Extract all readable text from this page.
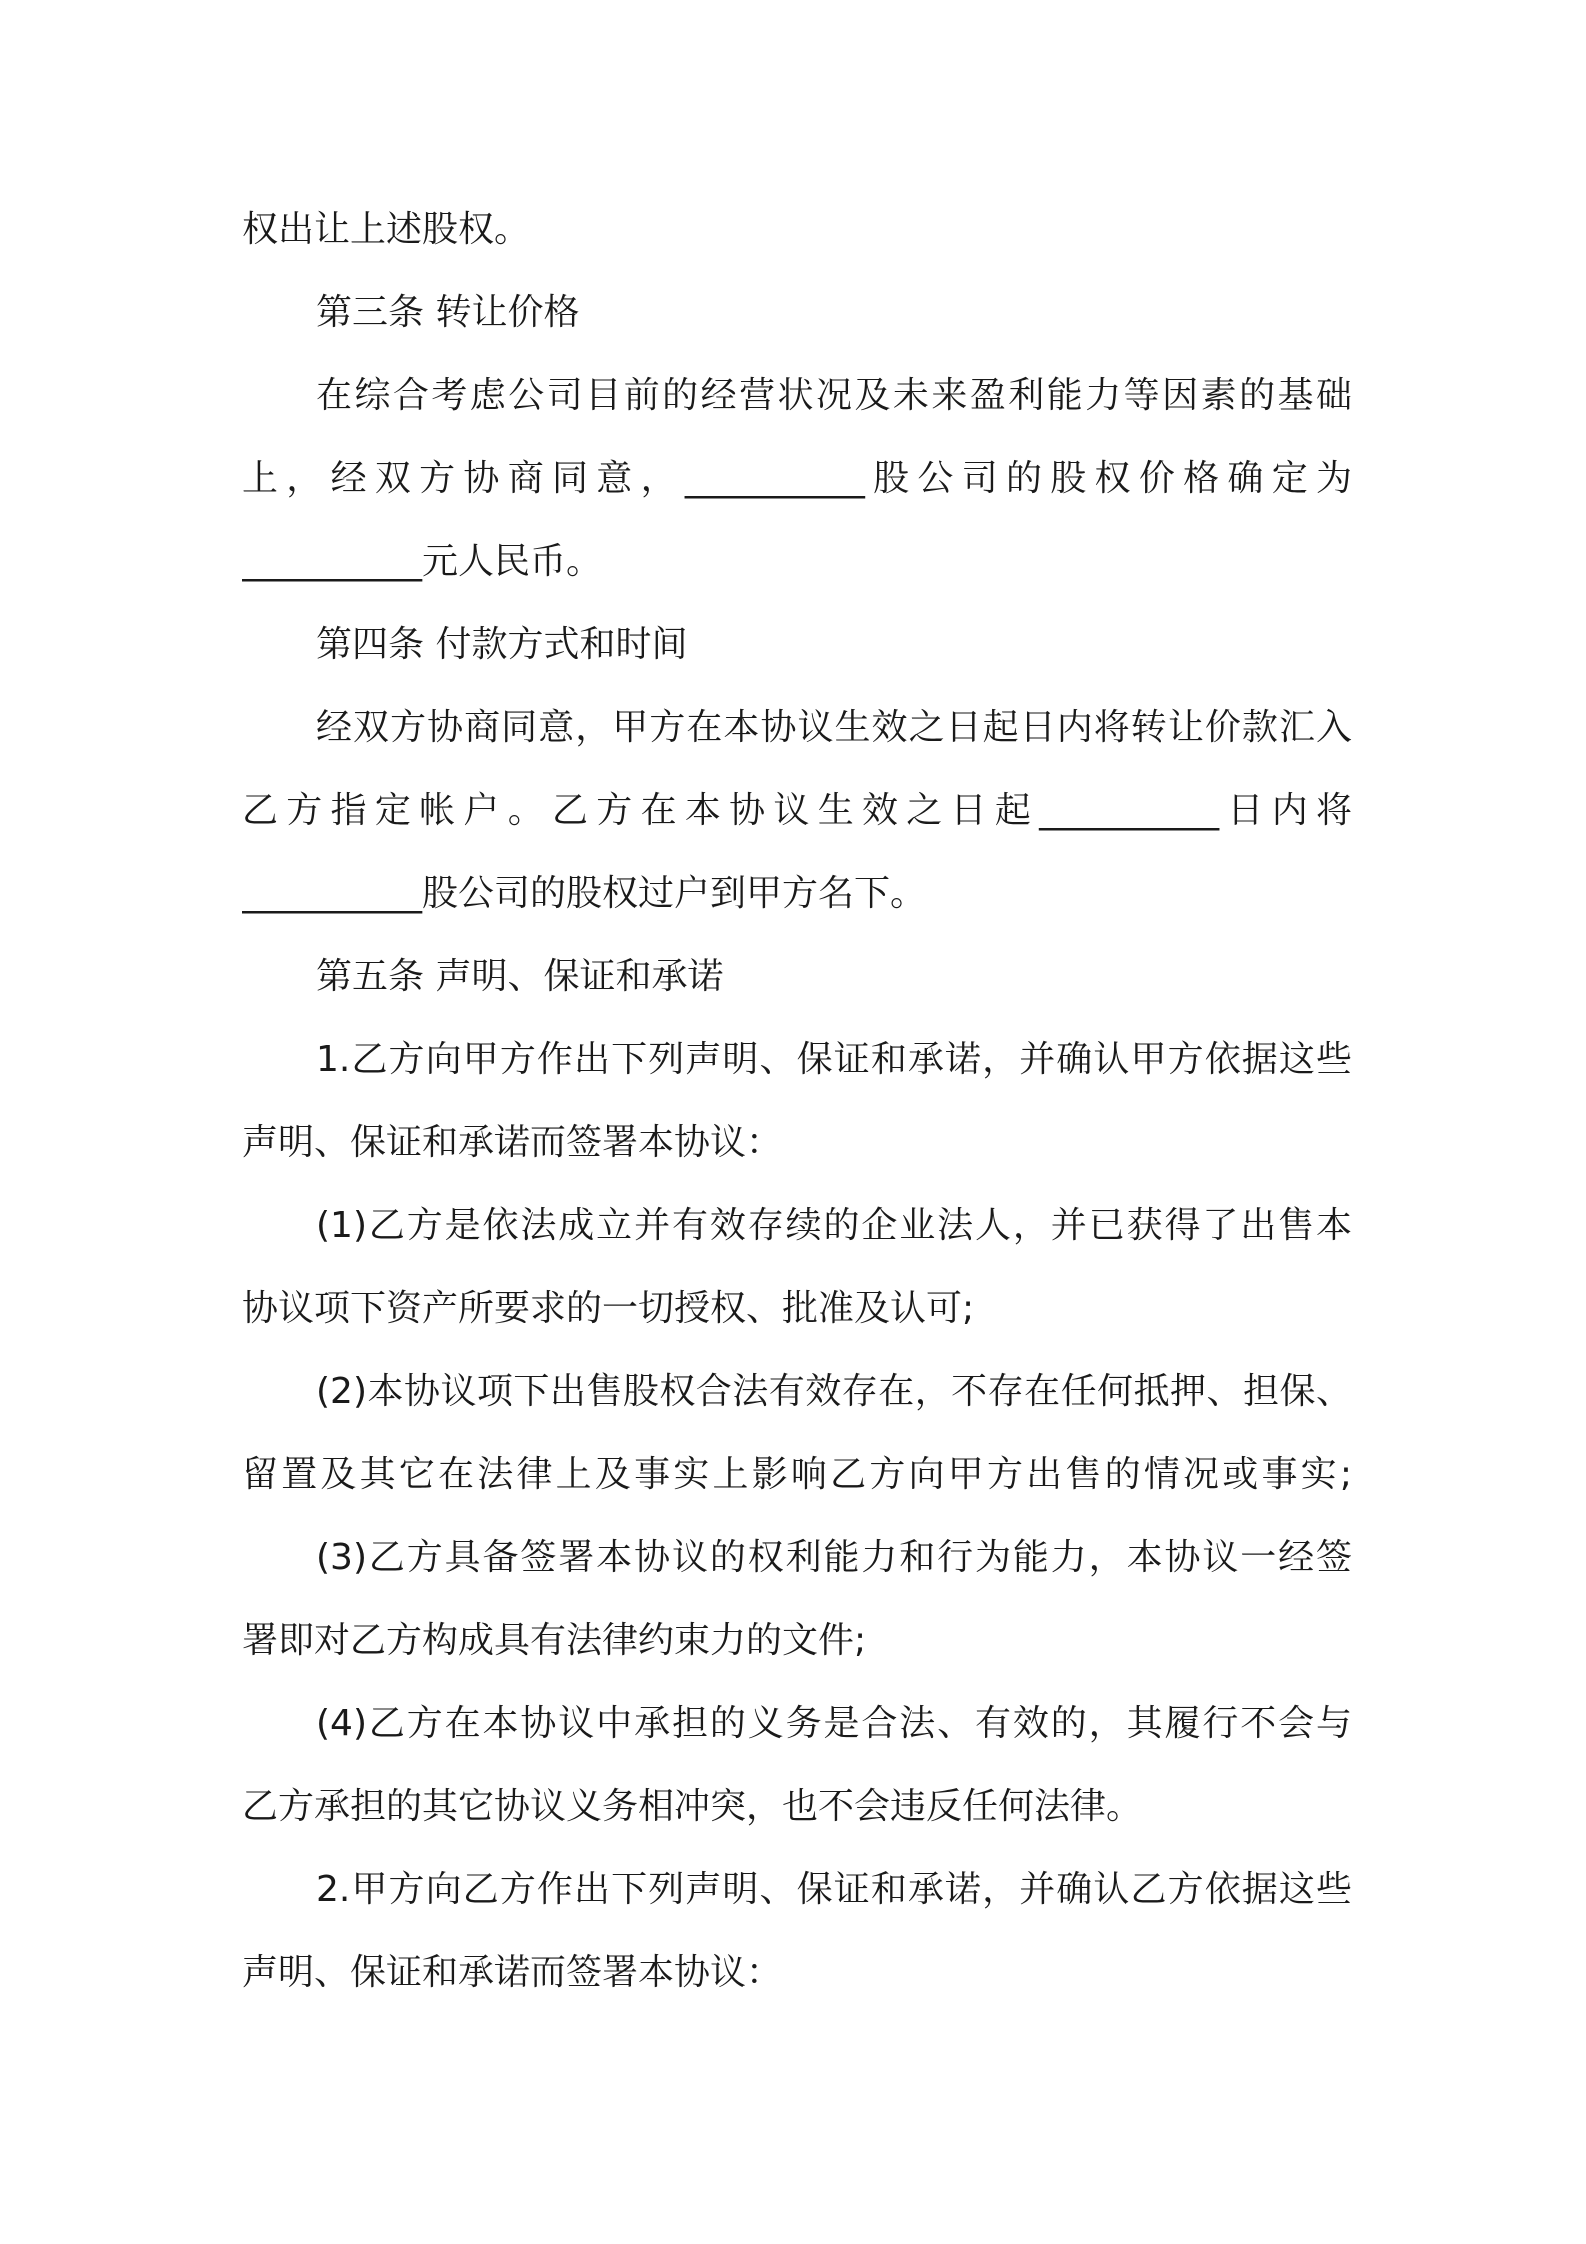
权出让上述股权。
第三条 转让价格
在综合考虑公司目前的经营状况及未来盈利能力等因素的基础
上，经双方协商同意，__________股公司的股权价格确定为
__________元人民币。
第四条 付款方式和时间
经双方协商同意，甲方在本协议生效之日起日内将转让价款汇入
乙方指定帐户。乙方在本协议生效之日起__________日内将
__________股公司的股权过户到甲方名下。
第五条 声明、保证和承诺
1.乙方向甲方作出下列声明、保证和承诺，并确认甲方依据这些
声明、保证和承诺而签署本协议：
(1)乙方是依法成立并有效存续的企业法人，并已获得了出售本
协议项下资产所要求的一切授权、批准及认可;
(2)本协议项下出售股权合法有效存在，不存在任何抵押、担保、
留置及其它在法律上及事实上影响乙方向甲方出售的情况或事实;
(3)乙方具备签署本协议的权利能力和行为能力，本协议一经签
署即对乙方构成具有法律约束力的文件;
(4)乙方在本协议中承担的义务是合法、有效的，其履行不会与
乙方承担的其它协议义务相冲突，也不会违反任何法律。
2.甲方向乙方作出下列声明、保证和承诺，并确认乙方依据这些
声明、保证和承诺而签署本协议：
